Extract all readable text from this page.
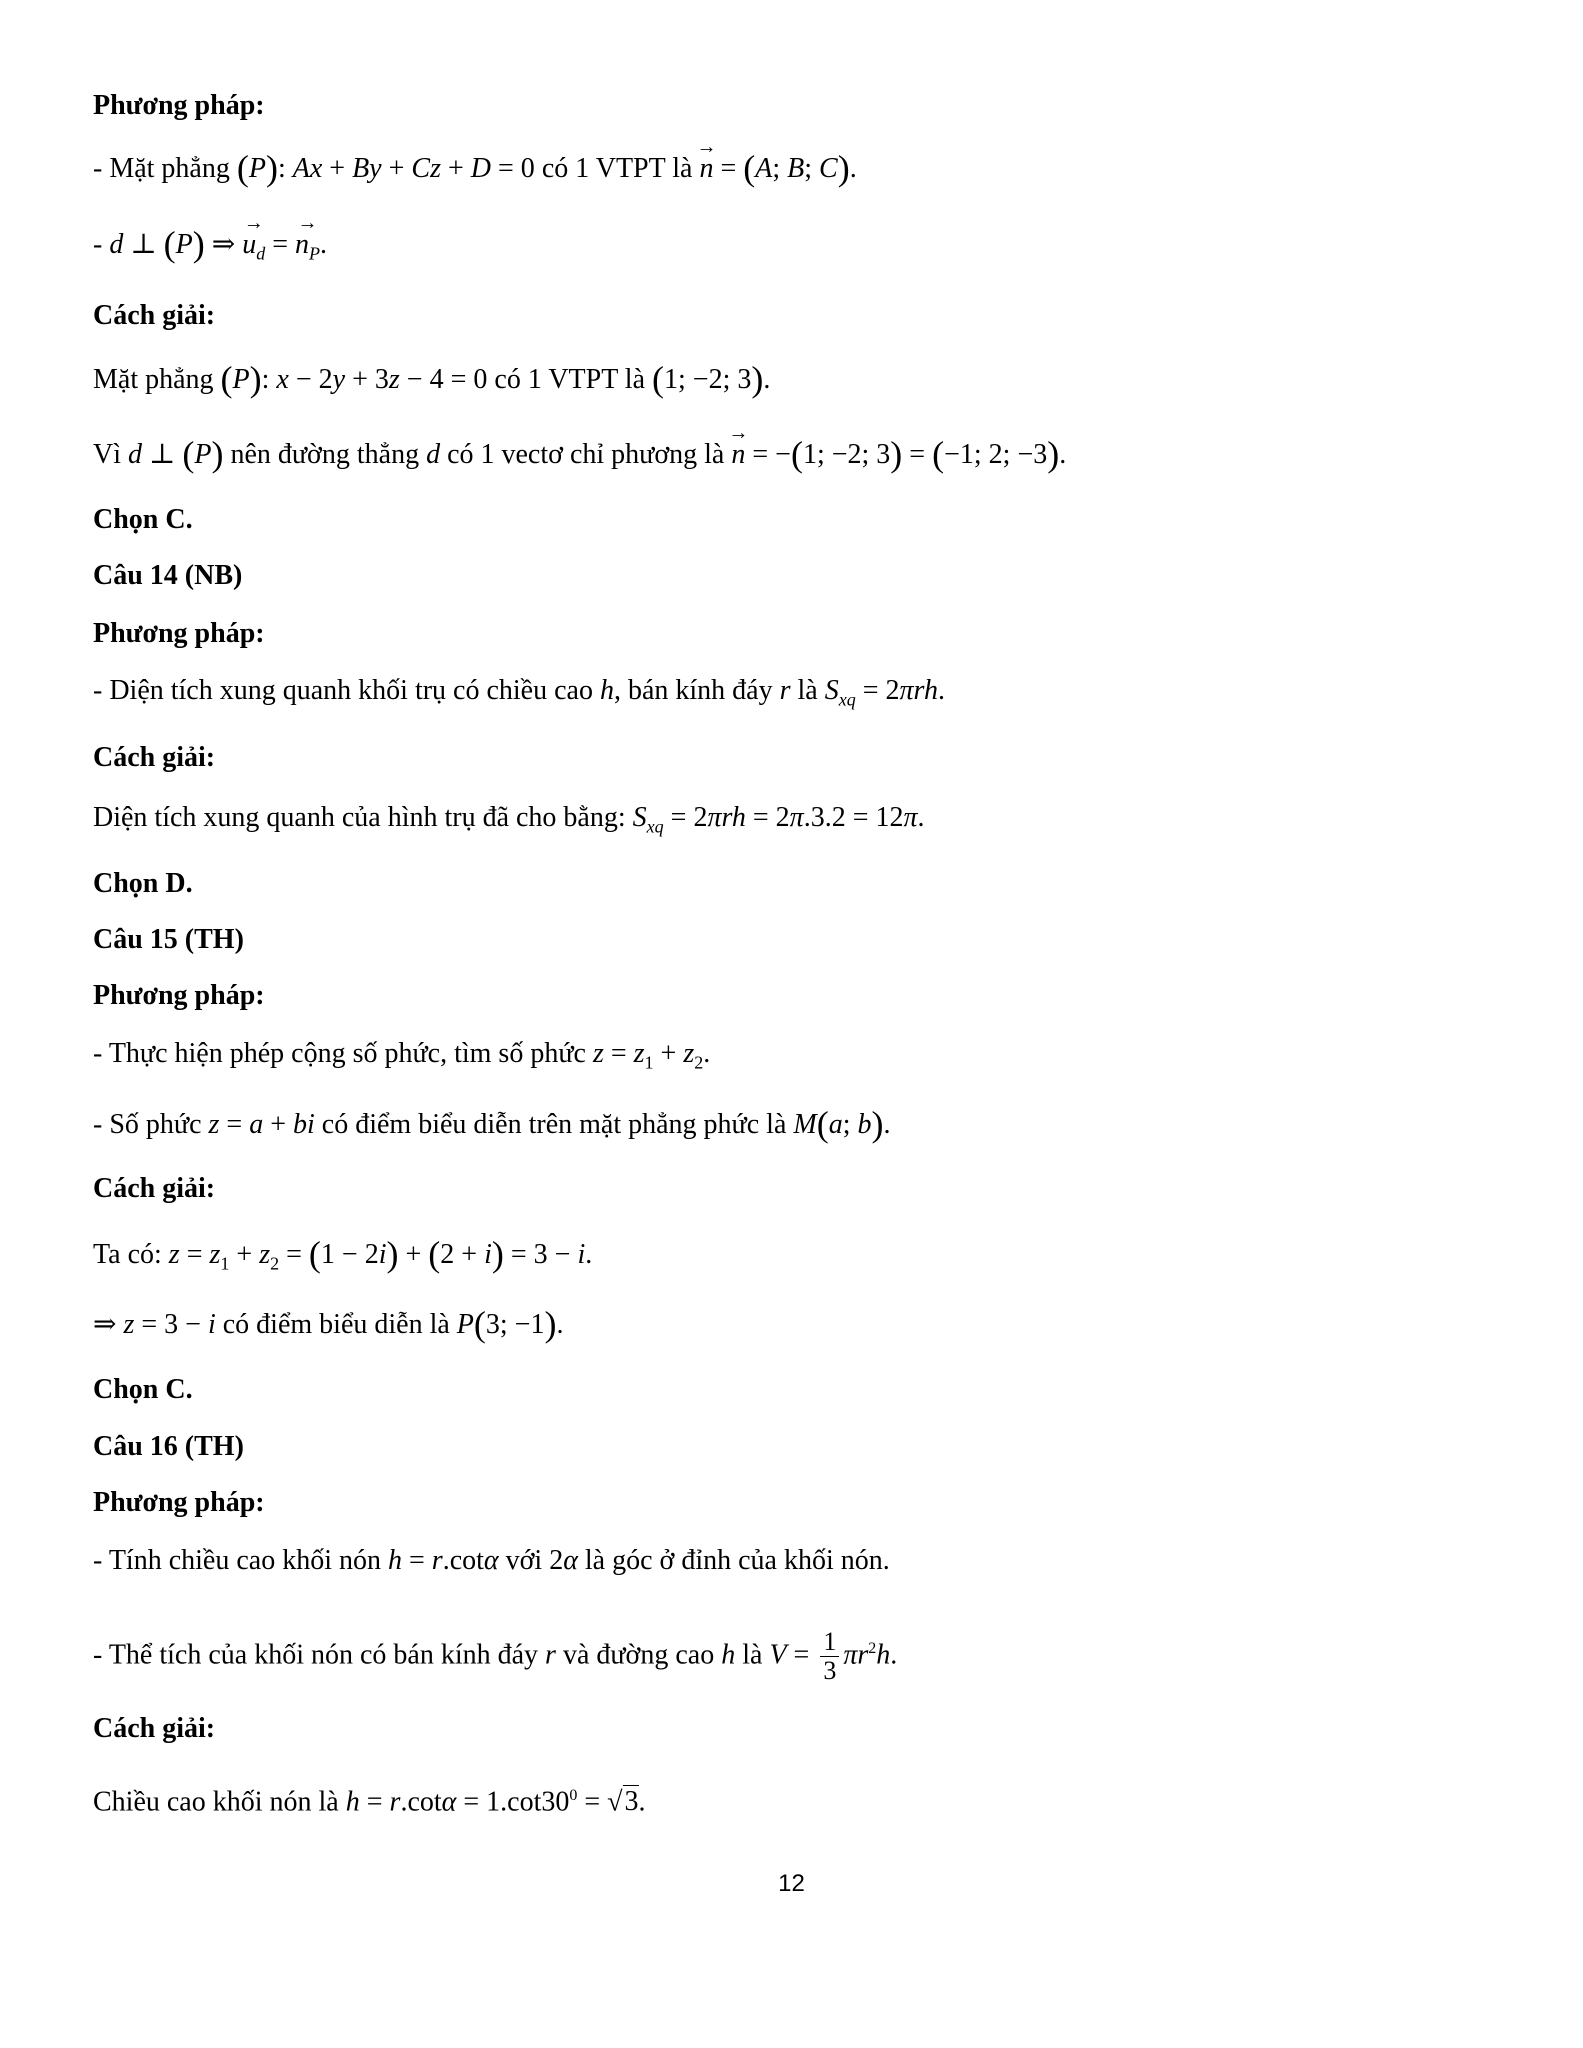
Phương pháp:
- Mặt phẳng (P): Ax + By + Cz + D = 0 có 1 VTPT là → n = (A; B; C).
- d ⊥ (P) ⇒ → $u_d$ = → $n_P$.
Cách giải:
Mặt phẳng (P): x − 2y + 3z − 4 = 0 có 1 VTPT là (1; −2; 3).
Vì d ⊥ (P) nên đường thẳng d có 1 vectơ chỉ phương là → n = −(1; −2; 3) = (−1; 2; −3).
Chọn C.
Câu 14 (NB)
Phương pháp:
- Diện tích xung quanh khối trụ có chiều cao h, bán kính đáy r là $S_{xq} = 2\pi rh$.
Cách giải:
Diện tích xung quanh của hình trụ đã cho bằng: $S_{xq} = 2\pi rh = 2\pi.3.2 = 12\pi$.
Chọn D.
Câu 15 (TH)
Phương pháp:
- Thực hiện phép cộng số phức, tìm số phức $z = z_1 + z_2$.
- Số phức z = a + bi có điểm biểu diễn trên mặt phẳng phức là M(a; b).
Cách giải:
Ta có: $z = z_1 + z_2 = (1 - 2i) + (2 + i) = 3 - i$.
⇒ z = 3 − i có điểm biểu diễn là P(3; −1).
Chọn C.
Câu 16 (TH)
Phương pháp:
- Tính chiều cao khối nón h = r.cotα với 2α là góc ở đỉnh của khối nón.
- Thể tích của khối nón có bán kính đáy r và đường cao h là $V = \frac{1}{3} \pi r^2h$.
Cách giải:
Chiều cao khối nón là $h = r.\cot\alpha = 1.\cot 30^0 = √3$.
12
